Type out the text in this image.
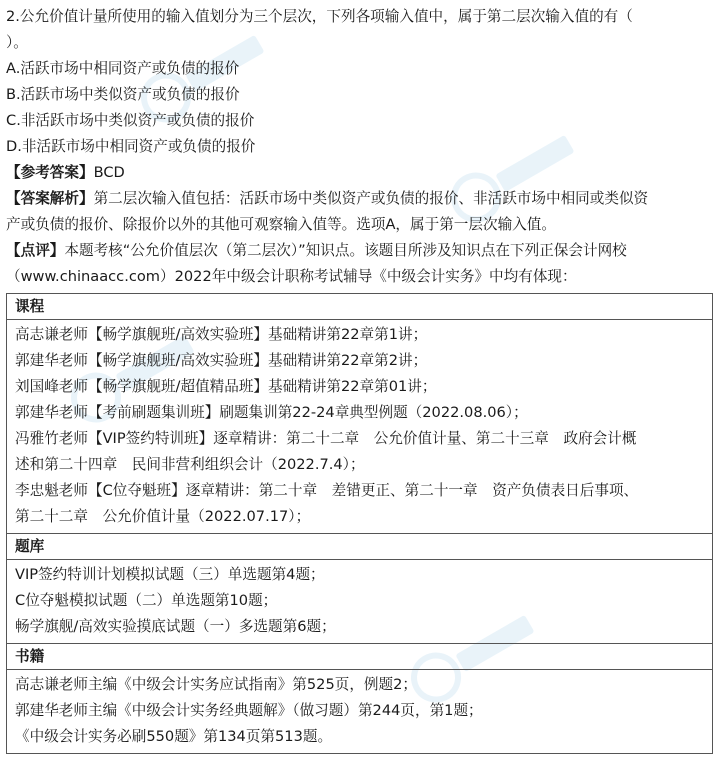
2.公允价值计量所使用的输入值划分为三个层次，下列各项输入值中，属于第二层次输入值的有（

）。

A.活跃市场中相同资产或负债的报价

B.活跃市场中类似资产或负债的报价

C.非活跃市场中类似资产或负债的报价

D.非活跃市场中相同资产或负债的报价

【参考答案】BCD

【答案解析】第二层次输入值包括：活跃市场中类似资产或负债的报价、非活跃市场中相同或类似资

产或负债的报价、除报价以外的其他可观察输入值等。选项A，属于第一层次输入值。

【点评】本题考核“公允价值层次（第二层次）”知识点。该题目所涉及知识点在下列正保会计网校

（www.chinaacc.com）2022年中级会计职称考试辅导《中级会计实务》中均有体现：

课程

高志谦老师【畅学旗舰班/高效实验班】基础精讲第22章第1讲；
郭建华老师【畅学旗舰班/高效实验班】基础精讲第22章第2讲；
刘国峰老师【畅学旗舰班/超值精品班】基础精讲第22章第01讲；
郭建华老师【考前刷题集训班】刷题集训第22-24章典型例题（2022.08.06）；
冯雅竹老师【VIP签约特训班】逐章精讲：第二十二章　公允价值计量、第二十三章　政府会计概
述和第二十四章　民间非营利组织会计（2022.7.4）；
李忠魁老师【C位夺魁班】逐章精讲：第二十章　差错更正、第二十一章　资产负债表日后事项、
第二十二章　公允价值计量（2022.07.17）；

题库

VIP签约特训计划模拟试题（三）单选题第4题；
C位夺魁模拟试题（二）单选题第10题；
畅学旗舰/高效实验摸底试题（一）多选题第6题；

书籍

高志谦老师主编《中级会计实务应试指南》第525页，例题2；
郭建华老师主编《中级会计实务经典题解》（做习题）第244页，第1题；
《中级会计实务必刷550题》第134页第513题。
